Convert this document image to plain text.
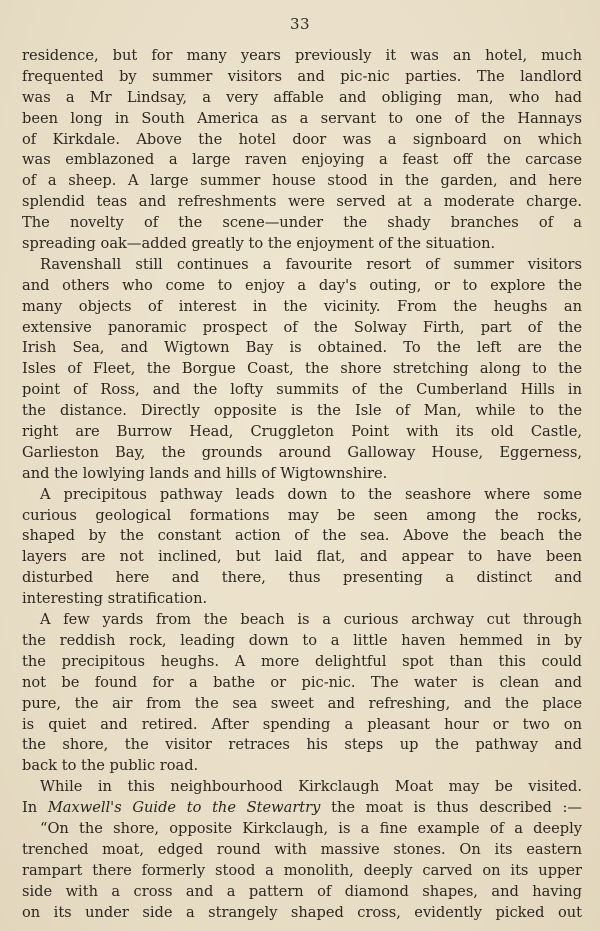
33
residence, but for many years previously it was an hotel, much
frequented by summer visitors and pic-nic parties. The landlord
was a Mr Lindsay, a very affable and obliging man, who had
been long in South America as a servant to one of the Hannays
of Kirkdale. Above the hotel door was a signboard on which
was emblazoned a large raven enjoying a feast off the carcase
of a sheep. A large summer house stood in the garden, and here
splendid teas and refreshments were served at a moderate charge.
The novelty of the scene—under the shady branches of a
spreading oak—added greatly to the enjoyment of the situation.
Ravenshall still continues a favourite resort of summer visitors
and others who come to enjoy a day's outing, or to explore the
many objects of interest in the vicinity. From the heughs an
extensive panoramic prospect of the Solway Firth, part of the
Irish Sea, and Wigtown Bay is obtained. To the left are the
Isles of Fleet, the Borgue Coast, the shore stretching along to the
point of Ross, and the lofty summits of the Cumberland Hills in
the distance. Directly opposite is the Isle of Man, while to the
right are Burrow Head, Cruggleton Point with its old Castle,
Garlieston Bay, the grounds around Galloway House, Eggerness,
and the lowlying lands and hills of Wigtownshire.
A precipitous pathway leads down to the seashore where some
curious geological formations may be seen among the rocks,
shaped by the constant action of the sea. Above the beach the
layers are not inclined, but laid flat, and appear to have been
disturbed here and there, thus presenting a distinct and
interesting stratification.
A few yards from the beach is a curious archway cut through
the reddish rock, leading down to a little haven hemmed in by
the precipitous heughs. A more delightful spot than this could
not be found for a bathe or pic-nic. The water is clean and
pure, the air from the sea sweet and refreshing, and the place
is quiet and retired. After spending a pleasant hour or two on
the shore, the visitor retraces his steps up the pathway and
back to the public road.
While in this neighbourhood Kirkclaugh Moat may be visited.
In Maxwell's Guide to the Stewartry the moat is thus described :—
“On the shore, opposite Kirkclaugh, is a fine example of a deeply
trenched moat, edged round with massive stones. On its eastern
rampart there formerly stood a monolith, deeply carved on its upper
side with a cross and a pattern of diamond shapes, and having
on its under side a strangely shaped cross, evidently picked out
